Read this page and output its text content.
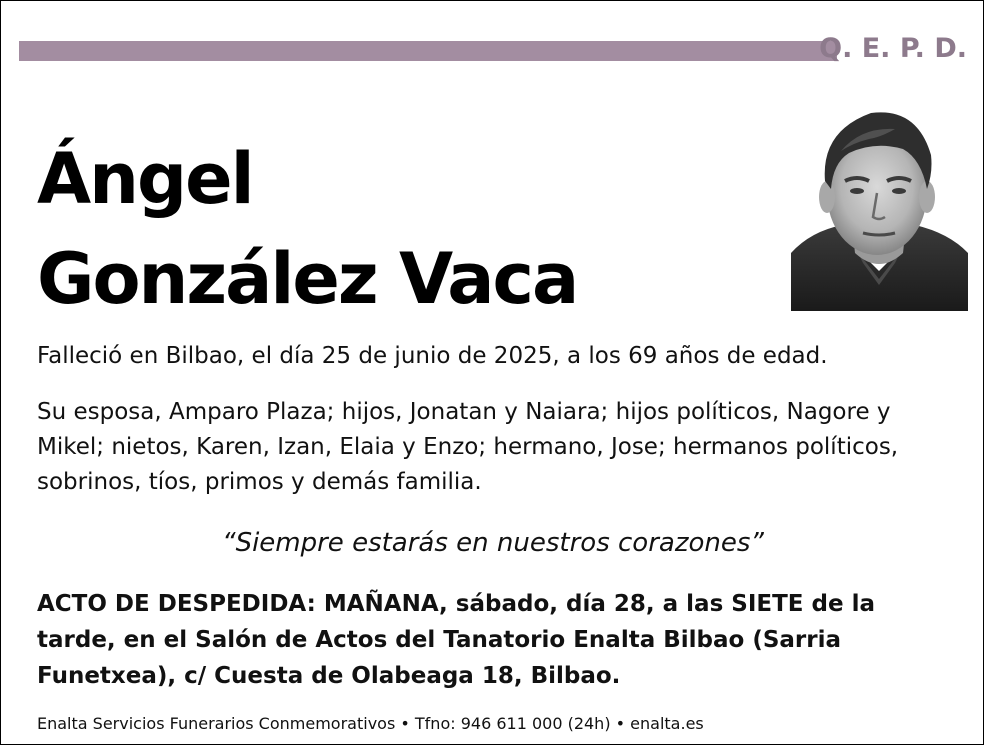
Q. E. P. D.
Ángel
González Vaca
Falleció en Bilbao, el día 25 de junio de 2025, a los 69 años de edad.
Su esposa, Amparo Plaza; hijos, Jonatan y Naiara; hijos políticos, Nagore y Mikel; nietos, Karen, Izan, Elaia y Enzo; hermano, Jose; hermanos políticos, sobrinos, tíos, primos y demás familia.
“Siempre estarás en nuestros corazones”
ACTO DE DESPEDIDA: MAÑANA, sábado, día 28, a las SIETE de la tarde, en el Salón de Actos del Tanatorio Enalta Bilbao (Sarria Funetxea), c/ Cuesta de Olabeaga 18, Bilbao.
Enalta Servicios Funerarios Conmemorativos • Tfno: 946 611 000 (24h) • enalta.es
